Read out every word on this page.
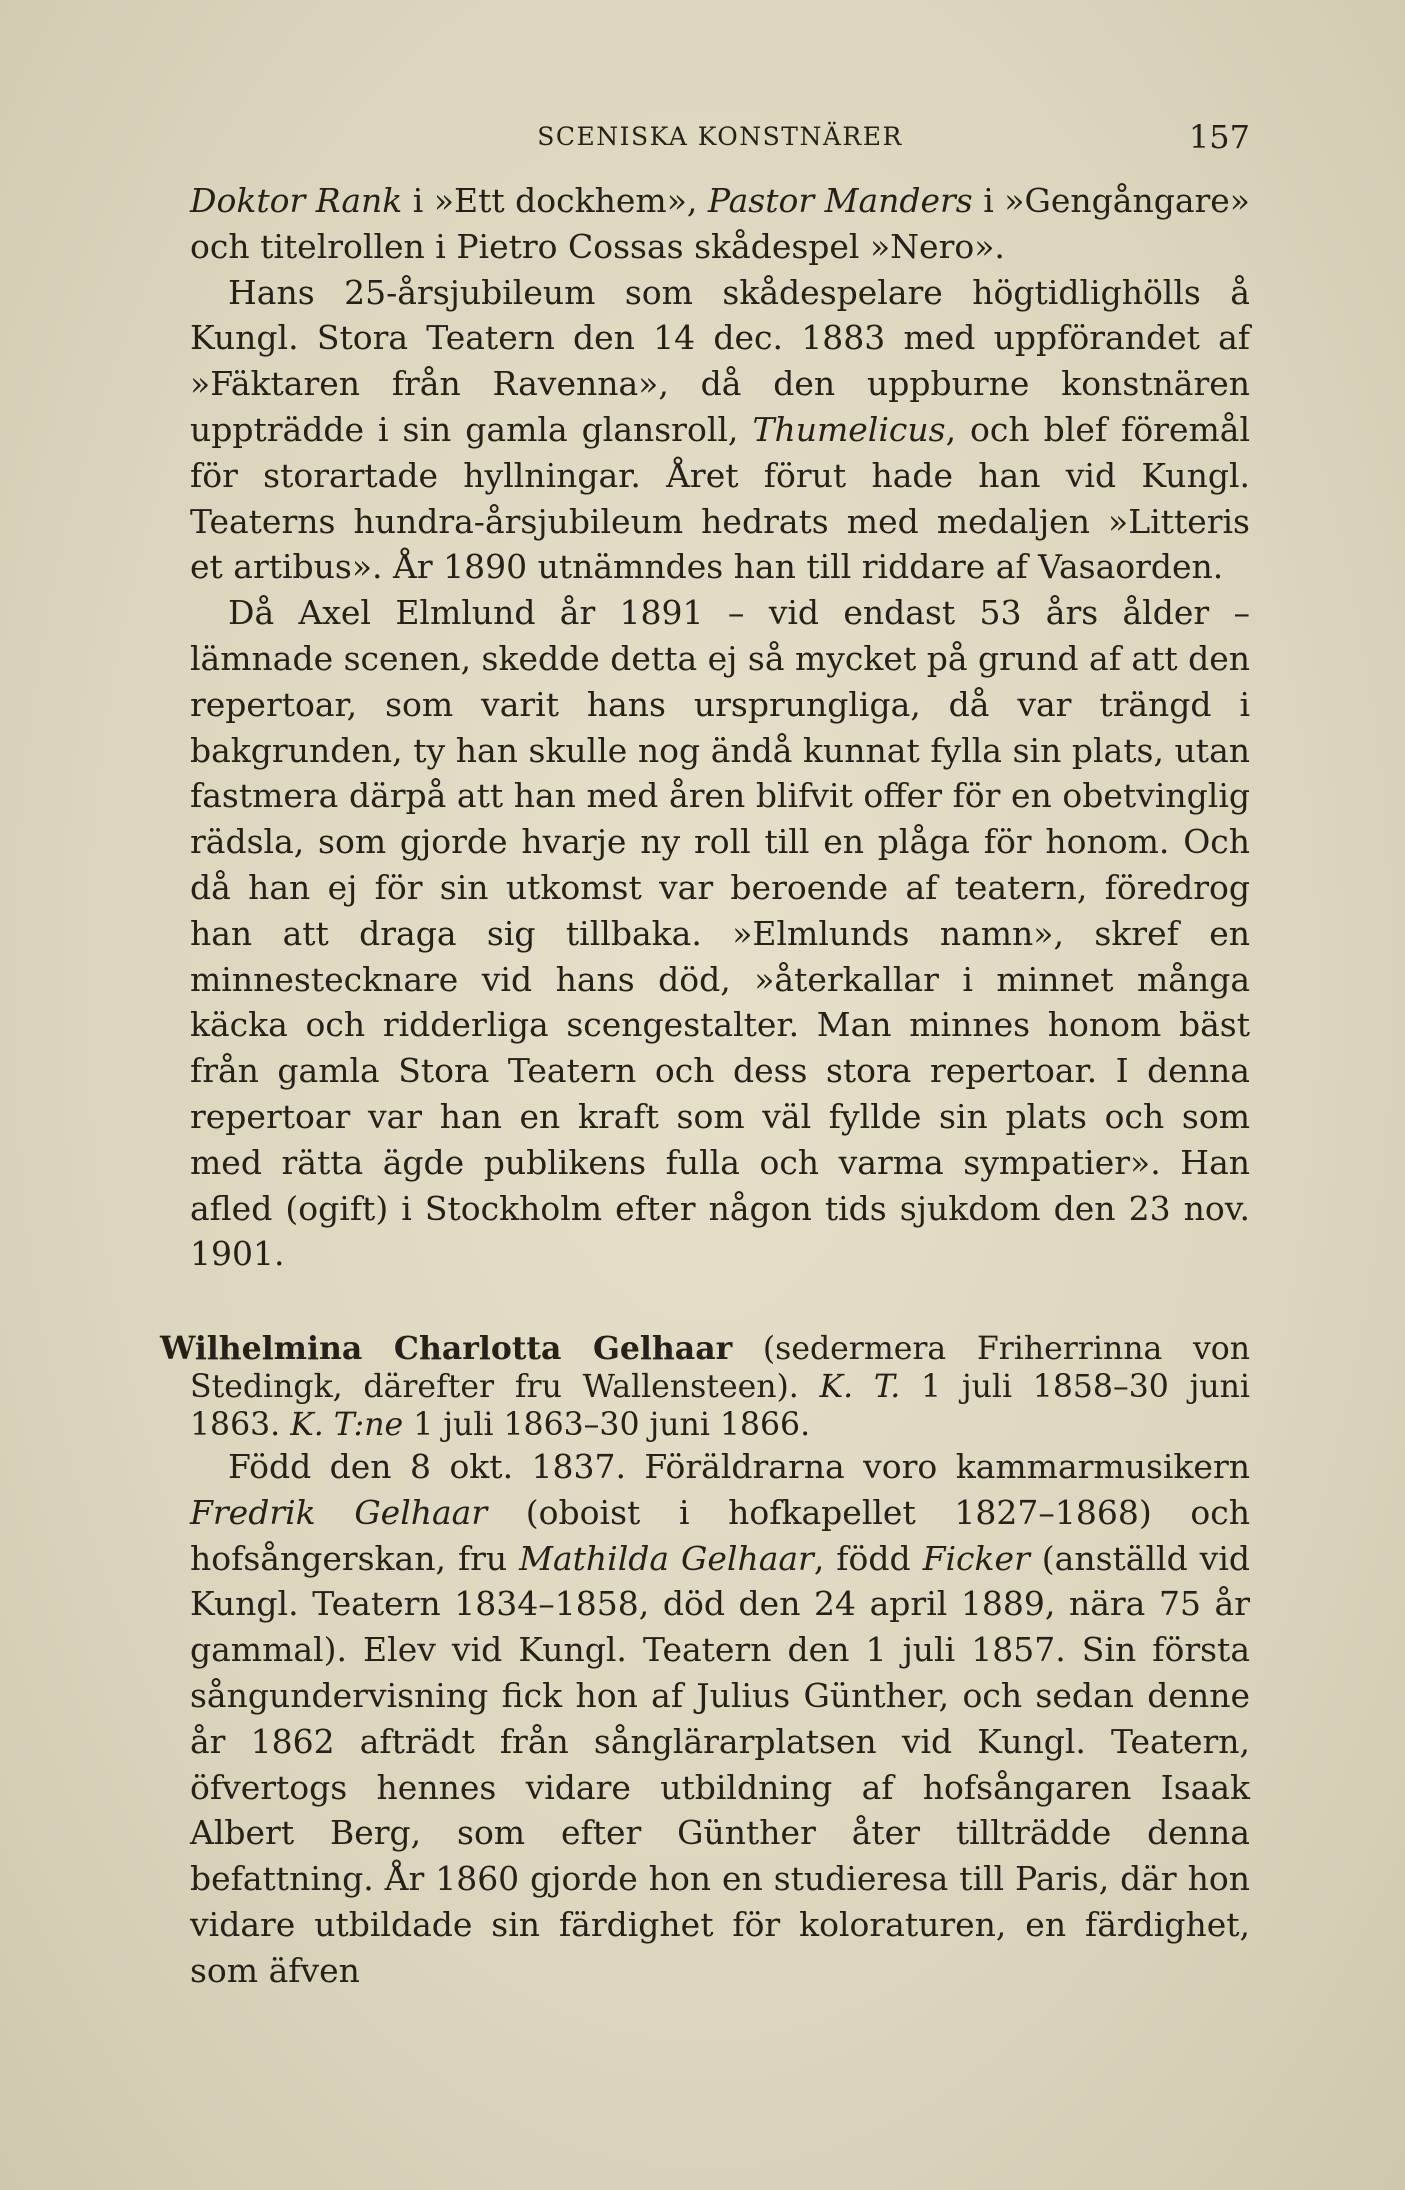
SCENISKA KONSTNÄRER	157

Doktor Rank i »Ett dockhem», Pastor Manders i »Gengångare» och titelrollen i Pietro Cossas skådespel »Nero».

Hans 25-årsjubileum som skådespelare högtidlighölls å Kungl. Stora Teatern den 14 dec. 1883 med uppförandet af »Fäktaren från Ravenna», då den uppburne konstnären uppträdde i sin gamla glansroll, Thumelicus, och blef föremål för storartade hyllningar. Året förut hade han vid Kungl. Teaterns hundra-årsjubileum hedrats med medaljen »Litteris et artibus». År 1890 utnämndes han till riddare af Vasaorden.

Då Axel Elmlund år 1891 – vid endast 53 års ålder – lämnade scenen, skedde detta ej så mycket på grund af att den repertoar, som varit hans ursprungliga, då var trängd i bakgrunden, ty han skulle nog ändå kunnat fylla sin plats, utan fastmera därpå att han med åren blifvit offer för en obetvinglig rädsla, som gjorde hvarje ny roll till en plåga för honom. Och då han ej för sin utkomst var beroende af teatern, föredrog han att draga sig tillbaka. »Elmlunds namn», skref en minnestecknare vid hans död, »återkallar i minnet många käcka och ridderliga scengestalter. Man minnes honom bäst från gamla Stora Teatern och dess stora repertoar. I denna repertoar var han en kraft som väl fyllde sin plats och som med rätta ägde publikens fulla och varma sympatier». Han afled (ogift) i Stockholm efter någon tids sjukdom den 23 nov. 1901.

Wilhelmina Charlotta Gelhaar (sedermera Friherrinna von Stedingk, därefter fru Wallensteen). K. T. 1 juli 1858–30 juni 1863. K. T:ne 1 juli 1863–30 juni 1866.

Född den 8 okt. 1837. Föräldrarna voro kammarmusikern Fredrik Gelhaar (oboist i hofkapellet 1827–1868) och hofsångerskan, fru Mathilda Gelhaar, född Ficker (anställd vid Kungl. Teatern 1834–1858, död den 24 april 1889, nära 75 år gammal). Elev vid Kungl. Teatern den 1 juli 1857. Sin första sångundervisning fick hon af Julius Günther, och sedan denne år 1862 afträdt från sånglärarplatsen vid Kungl. Teatern, öfvertogs hennes vidare utbildning af hofsångaren Isaak Albert Berg, som efter Günther åter tillträdde denna befattning. År 1860 gjorde hon en studieresa till Paris, där hon vidare utbildade sin färdighet för koloraturen, en färdighet, som äfven
